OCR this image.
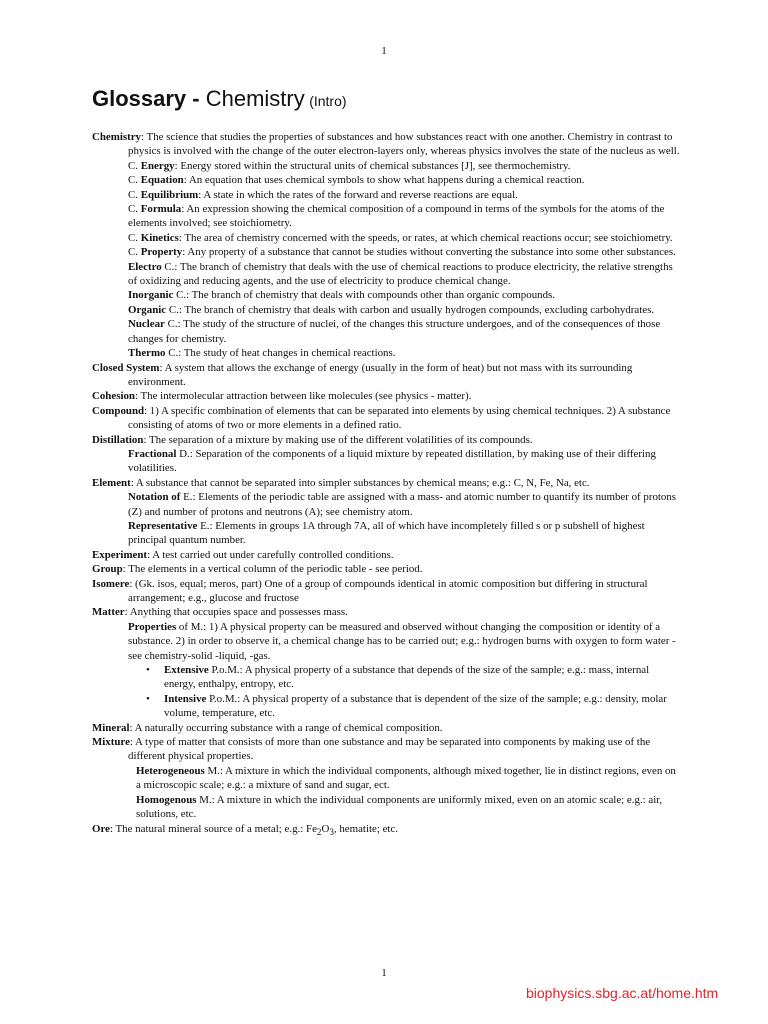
1
Glossary - Chemistry (Intro)

Chemistry: The science that studies the properties of substances and how substances react with one another. Chemistry in contrast to physics is involved with the change of the outer electron-layers only, whereas physics involves the state of the nucleus as well.

C. Energy: Energy stored within the structural units of chemical substances [J], see thermochemistry.

C. Equation: An equation that uses chemical symbols to show what happens during a chemical reaction.

C. Equilibrium: A state in which the rates of the forward and reverse reactions are equal.

C. Formula: An expression showing the chemical composition of a compound in terms of the symbols for the atoms of the elements involved; see stoichiometry.

C. Kinetics: The area of chemistry concerned with the speeds, or rates, at which chemical reactions occur; see stoichiometry.

C. Property: Any property of a substance that cannot be studies without converting the substance into some other substances.

Electro C.: The branch of chemistry that deals with the use of chemical reactions to produce electricity, the relative strengths of oxidizing and reducing agents, and the use of electricity to produce chemical change.

Inorganic C.: The branch of chemistry that deals with compounds other than organic compounds.

Organic C.: The branch of chemistry that deals with carbon and usually hydrogen compounds, excluding carbohydrates.

Nuclear C.: The study of the structure of nuclei, of the changes this structure undergoes, and of the consequences of those changes for chemistry.

Thermo C.: The study of heat changes in chemical reactions.

Closed System: A system that allows the exchange of energy (usually in the form of heat) but not mass with its surrounding environment.

Cohesion: The intermolecular attraction between like molecules (see physics - matter).

Compound: 1) A specific combination of elements that can be separated into elements by using chemical techniques. 2) A substance consisting of atoms of two or more elements in a defined ratio.

Distillation: The separation of a mixture by making use of the different volatilities of its compounds.

Fractional D.: Separation of the components of a liquid mixture by repeated distillation, by making use of their differing volatilities.

Element: A substance that cannot be separated into simpler substances by chemical means; e.g.: C, N, Fe, Na, etc.

Notation of E.: Elements of the periodic table are assigned with a mass- and atomic number to quantify its number of protons (Z) and number of protons and neutrons (A); see chemistry atom.

Representative E.: Elements in groups 1A through 7A, all of which have incompletely filled s or p subshell of highest principal quantum number.

Experiment: A test carried out under carefully controlled conditions.

Group: The elements in a vertical column of the periodic table - see period.

Isomere: (Gk. isos, equal; meros, part) One of a group of compounds identical in atomic composition but differing in structural arrangement; e.g., glucose and fructose

Matter: Anything that occupies space and possesses mass.

Properties of M.: 1) A physical property can be measured and observed without changing the composition or identity of a substance. 2) in order to observe it, a chemical change has to be carried out; e.g.: hydrogen burns with oxygen to form water - see chemistry-solid -liquid, -gas.

• Extensive P.o.M.: A physical property of a substance that depends of the size of the sample; e.g.: mass, internal energy, enthalpy, entropy, etc.

• Intensive P.o.M.: A physical property of a substance that is dependent of the size of the sample; e.g.: density, molar volume, temperature, etc.

Mineral: A naturally occurring substance with a range of chemical composition.

Mixture: A type of matter that consists of more than one substance and may be separated into components by making use of the different physical properties.

Heterogeneous M.: A mixture in which the individual components, although mixed together, lie in distinct regions, even on a microscopic scale; e.g.: a mixture of sand and sugar, ect.

Homogenous M.: A mixture in which the individual components are uniformly mixed, even on an atomic scale; e.g.: air, solutions, etc.

Ore: The natural mineral source of a metal; e.g.: $Fe_2O_3$, hematite; etc.

1
biophysics.sbg.ac.at/home.htm
